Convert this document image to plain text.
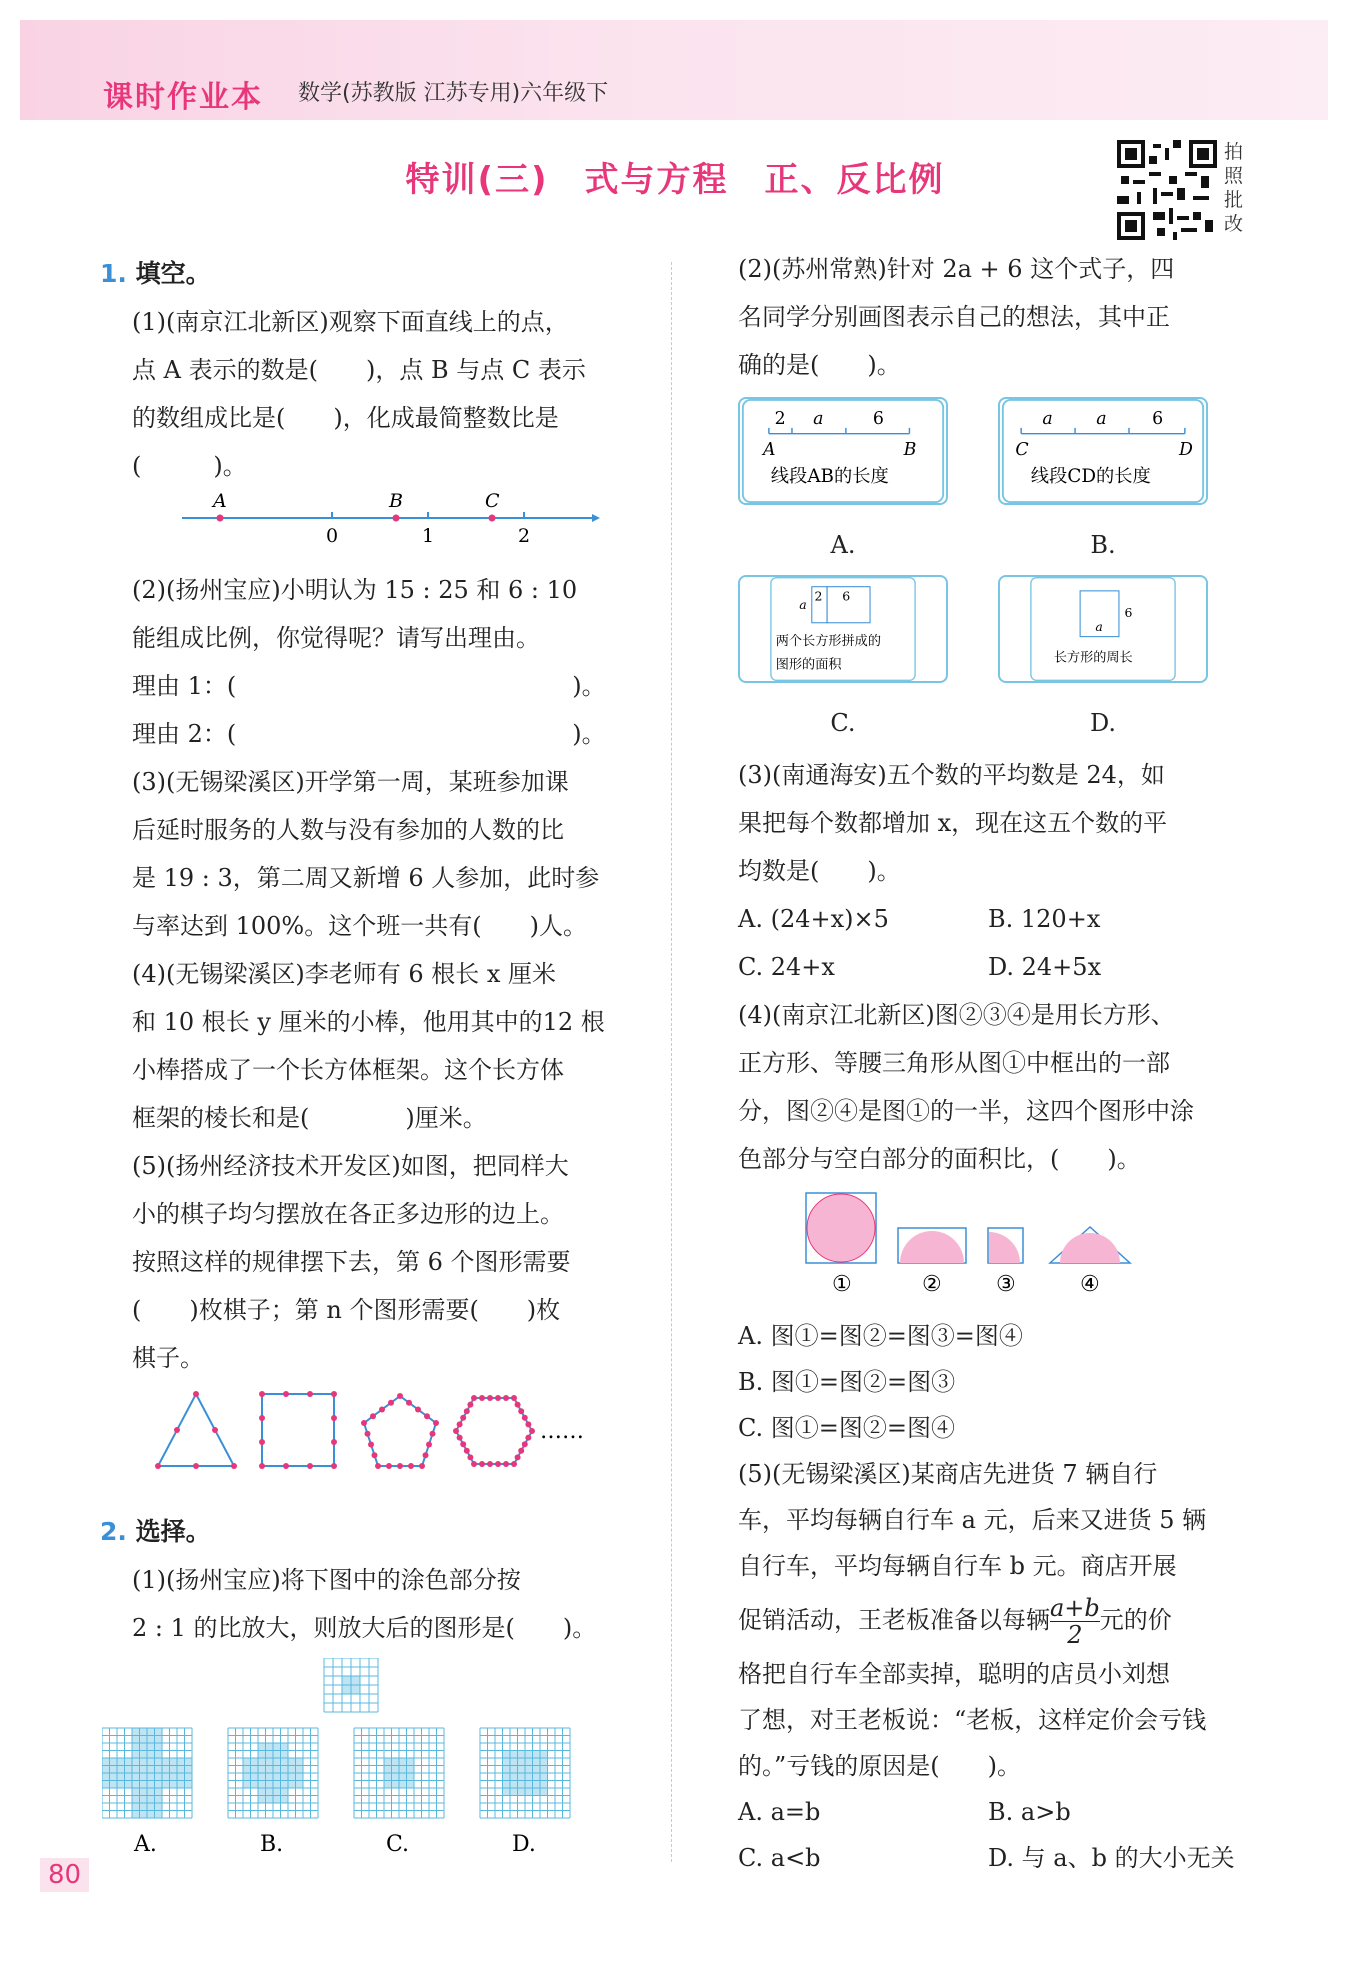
课时作业本 数学(苏教版 江苏专用)六年级下
特训(三)　式与方程　正、反比例
拍照批改

1. 填空。

(1)(南京江北新区)观察下面直线上的点，

点 A 表示的数是(　　)，点 B 与点 C 表示

的数组成比是(　　)，化成最简整数比是

(　　　)。

A	B	C
0	1	2

(2)(扬州宝应)小明认为 15 : 25 和 6 : 10

能组成比例，你觉得呢？请写出理由。

理由 1：(　　　　　　　　　　　　　　)。

理由 2：(　　　　　　　　　　　　　　)。

(3)(无锡梁溪区)开学第一周，某班参加课

后延时服务的人数与没有参加的人数的比

是 19 : 3，第二周又新增 6 人参加，此时参

与率达到 100%。这个班一共有(　　)人。

(4)(无锡梁溪区)李老师有 6 根长 x 厘米

和 10 根长 y 厘米的小棒，他用其中的12 根

小棒搭成了一个长方体框架。这个长方体

框架的棱长和是(　　　　)厘米。

(5)(扬州经济技术开发区)如图，把同样大

小的棋子均匀摆放在各正多边形的边上。

按照这样的规律摆下去，第 6 个图形需要

(　　)枚棋子；第 n 个图形需要(　　)枚

棋子。

……

2. 选择。

(1)(扬州宝应)将下图中的涂色部分按

2 : 1 的比放大，则放大后的图形是(　　)。

A.	B.	C.	D.

(2)(苏州常熟)针对 2a + 6 这个式子，四

名同学分别画图表示自己的想法，其中正

确的是(　　)。

2 a	6
A	B
线段AB的长度
A.
a a	6
C	D
线段CD的长度
B.
a
2 6
两个长方形拼成的
图形的面积
C.
a
6
长方形的周长
D.

(3)(南通海安)五个数的平均数是 24，如

果把每个数都增加 x，现在这五个数的平

均数是(　　)。

A. (24+x)×5	B. 120+x
C. 24+x	D. 24+5x

(4)(南京江北新区)图②③④是用长方形、

正方形、等腰三角形从图①中框出的一部

分，图②④是图①的一半，这四个图形中涂

色部分与空白部分的面积比，(　　)。

①	② ③	④

A. 图①=图②=图③=图④

B. 图①=图②=图③

C. 图①=图②=图④

(5)(无锡梁溪区)某商店先进货 7 辆自行

车，平均每辆自行车 a 元，后来又进货 5 辆

自行车，平均每辆自行车 b 元。商店开展

促销活动，王老板准备以每辆 $\frac{a+b}{2}$ 元的价

格把自行车全部卖掉，聪明的店员小刘想

了想，对王老板说：“老板，这样定价会亏钱

的。”亏钱的原因是(　　)。

A. a=b	B. a>b
C. a<b	D. 与 a、b 的大小无关
80
